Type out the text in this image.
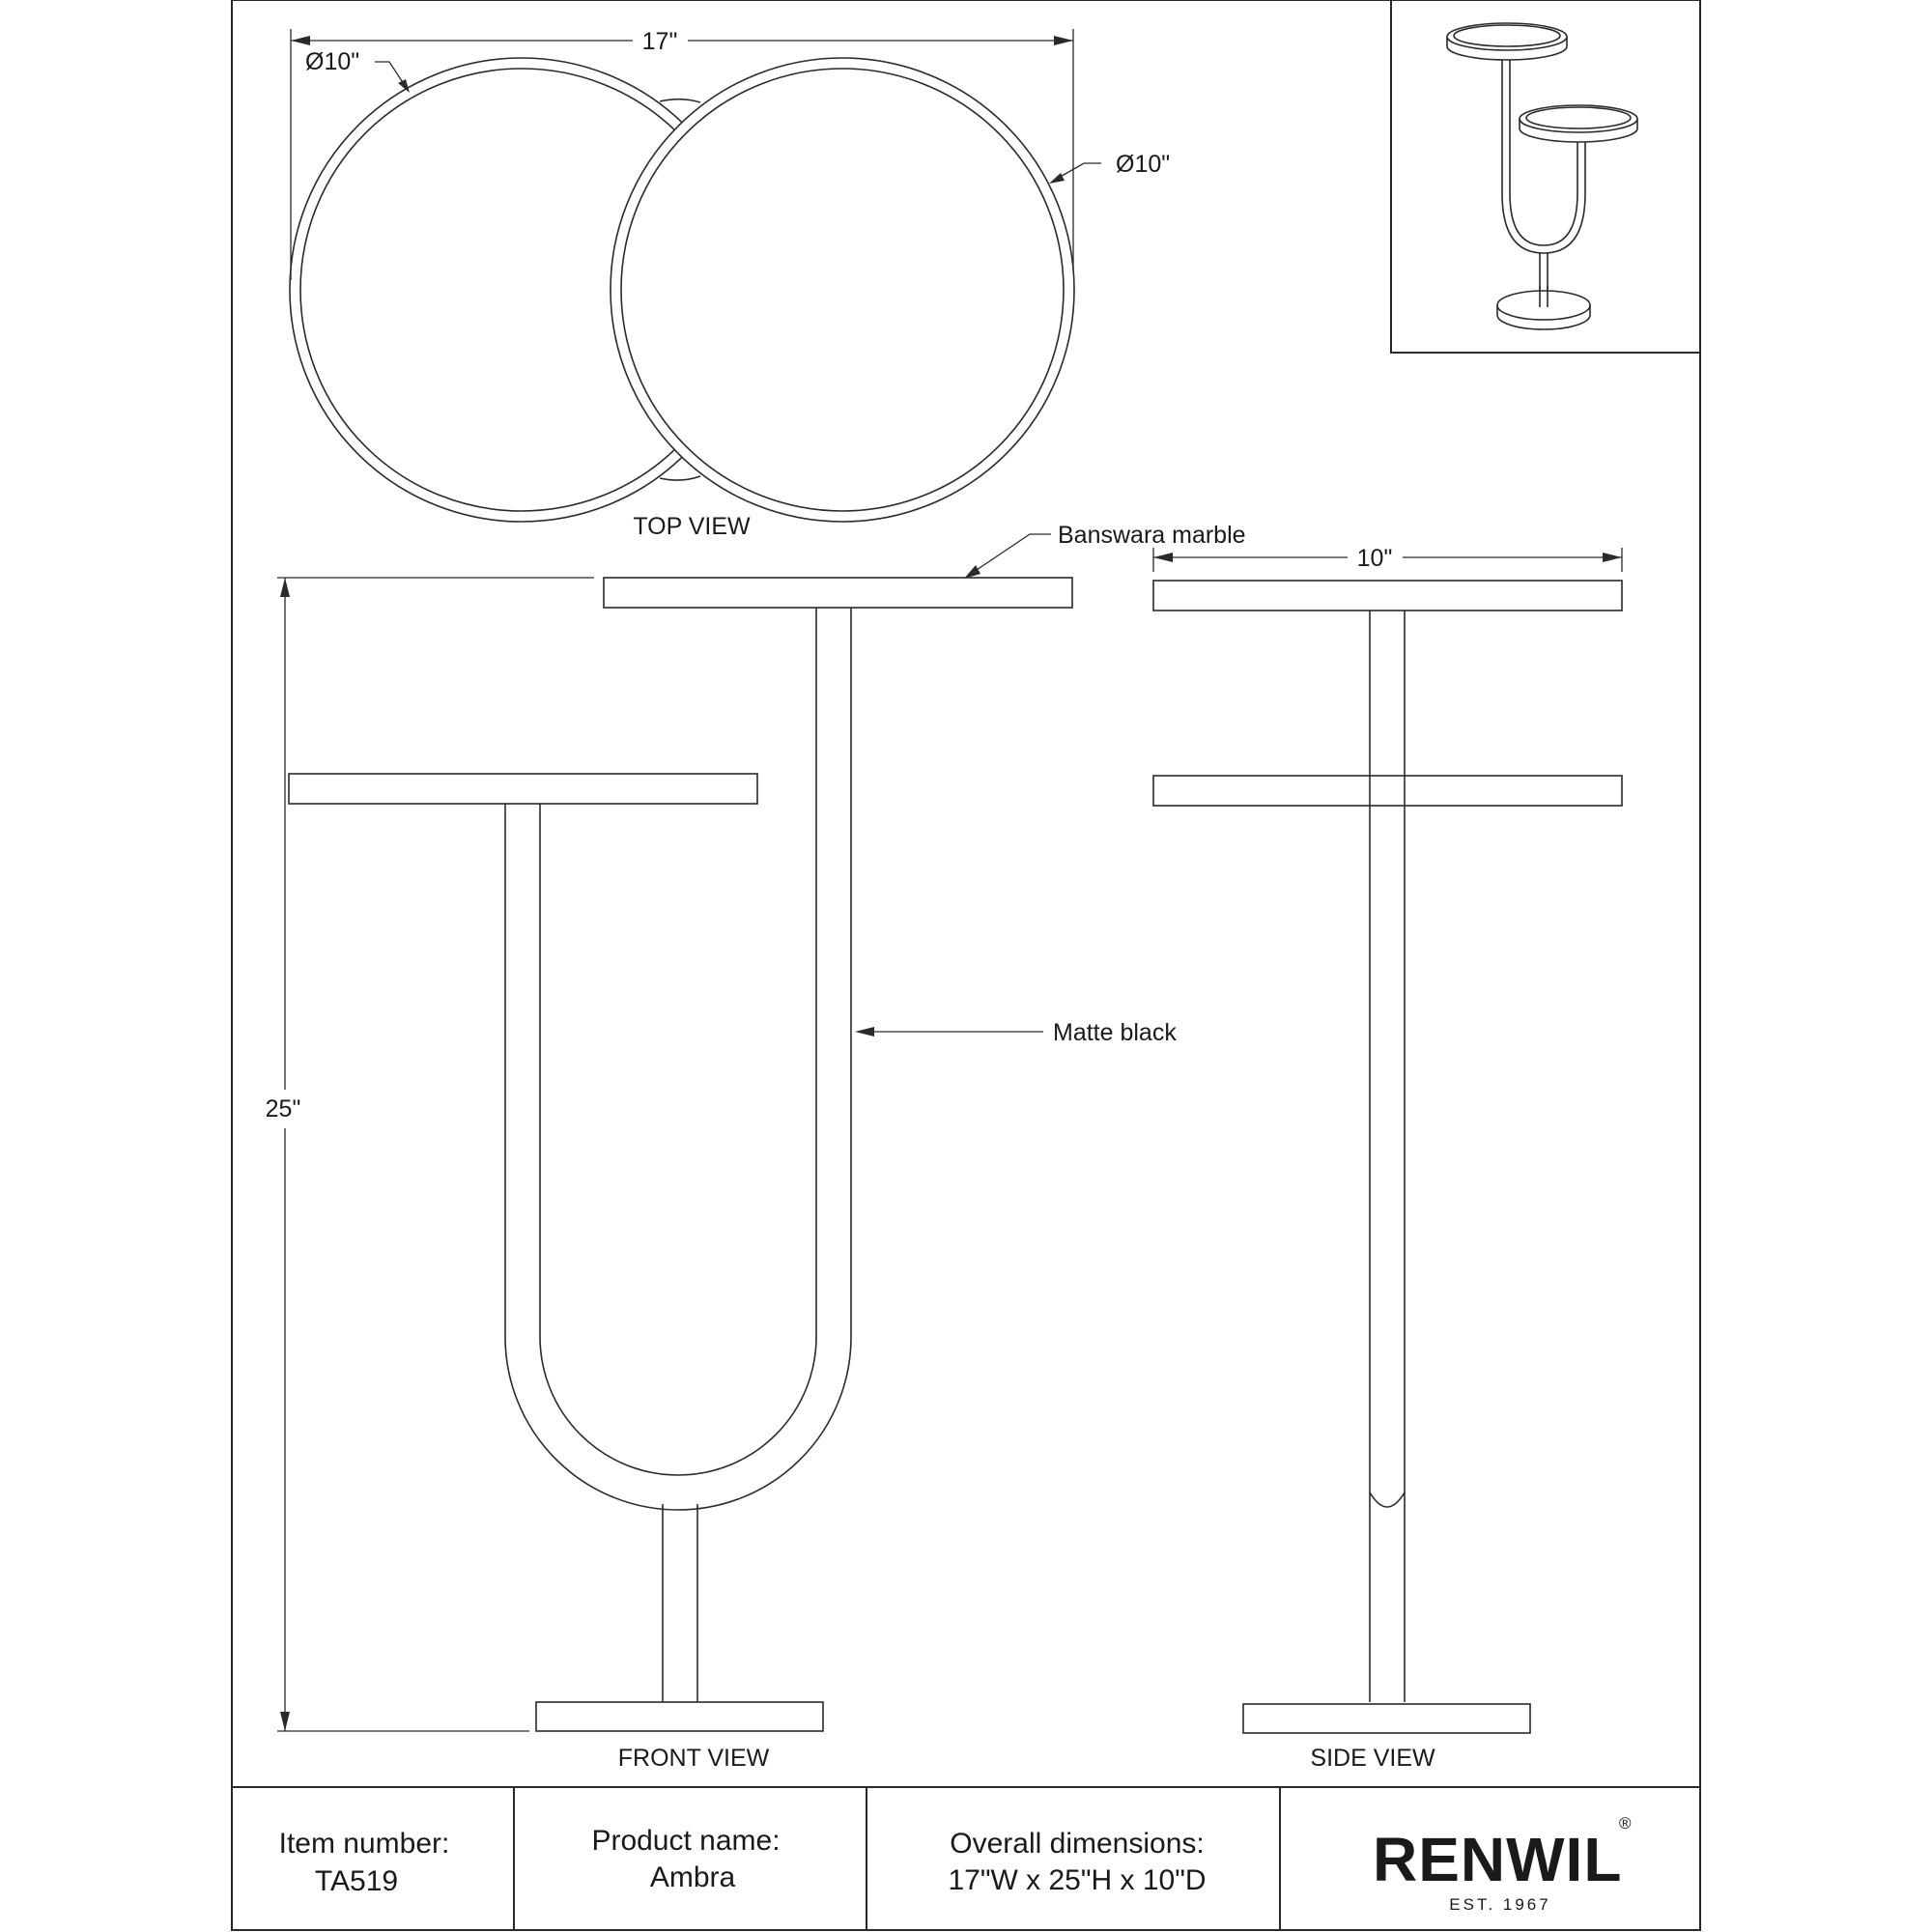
17"
Ø10"
Ø10"
TOP VIEW
25"
Banswara marble
Matte black
FRONT VIEW
10"
SIDE VIEW
Item number:
TA519
Product name:
Ambra
Overall dimensions:
17"W x 25"H x 10"D	RENWIL
®
EST. 1967
